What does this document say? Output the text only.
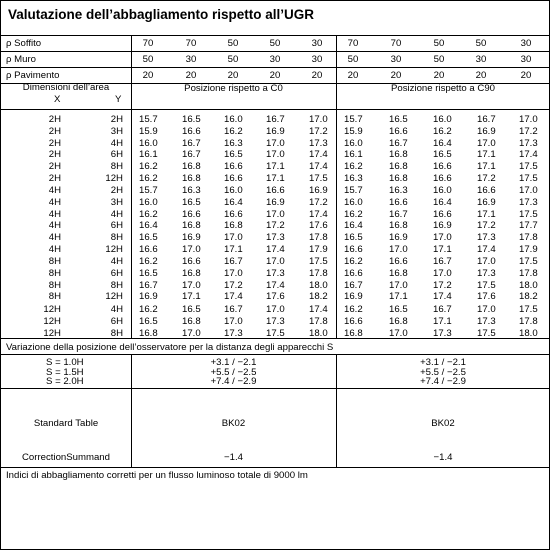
Valutazione dell’abbagliamento rispetto all’UGR
ρ Soffito	70	70	50	50	30	70	70	50	50	30
ρ Muro	50	30	50	30	30	50	30	50	30	30
ρ Pavimento	20	20	20	20	20	20	20	20	20	20
Dimensioni dell’area
X	Y
Posizione rispetto a C0	Posizione rispetto a C90
2H	2H 15.7	16.5	16.0	16.7	17.0	15.7	16.5	16.0	16.7	17.0
2H	3H 15.9	16.6	16.2	16.9	17.2	15.9	16.6	16.2	16.9	17.2
2H	4H 16.0	16.7	16.3	17.0	17.3	16.0	16.7	16.4	17.0	17.3
2H	6H 16.1	16.7	16.5	17.0	17.4	16.1	16.8	16.5	17.1	17.4
2H	8H 16.2	16.8	16.6	17.1	17.4	16.2	16.8	16.6	17.1	17.5
2H	12H 16.2	16.8	16.6	17.1	17.5	16.3	16.8	16.6	17.2	17.5
4H	2H 15.7	16.3	16.0	16.6	16.9	15.7	16.3	16.0	16.6	17.0
4H	3H 16.0	16.5	16.4	16.9	17.2	16.0	16.6	16.4	16.9	17.3
4H	4H 16.2	16.6	16.6	17.0	17.4	16.2	16.7	16.6	17.1	17.5
4H	6H 16.4	16.8	16.8	17.2	17.6	16.4	16.8	16.9	17.2	17.7
4H	8H 16.5	16.9	17.0	17.3	17.8	16.5	16.9	17.0	17.3	17.8
4H	12H 16.6	17.0	17.1	17.4	17.9	16.6	17.0	17.1	17.4	17.9
8H	4H 16.2	16.6	16.7	17.0	17.5	16.2	16.6	16.7	17.0	17.5
8H	6H 16.5	16.8	17.0	17.3	17.8	16.6	16.8	17.0	17.3	17.8
8H	8H 16.7	17.0	17.2	17.4	18.0	16.7	17.0	17.2	17.5	18.0
8H	12H 16.9	17.1	17.4	17.6	18.2	16.9	17.1	17.4	17.6	18.2
12H	4H 16.2	16.5	16.7	17.0	17.4	16.2	16.5	16.7	17.0	17.5
12H	6H 16.5	16.8	17.0	17.3	17.8	16.6	16.8	17.1	17.3	17.8
12H	8H 16.8	17.0	17.3	17.5	18.0	16.8	17.0	17.3	17.5	18.0
Variazione della posizione dell’osservatore per la distanza degli apparecchi S
S = 1.0H	+3.1 / −2.1	+3.1 / −2.1
S = 1.5H	+5.5 / −2.5	+5.5 / −2.5
S = 2.0H	+7.4 / −2.9	+7.4 / −2.9
Standard Table	BK02	BK02
CorrectionSummand	−1.4	−1.4
Indici di abbagliamento corretti per un flusso luminoso totale di 9000 lm
